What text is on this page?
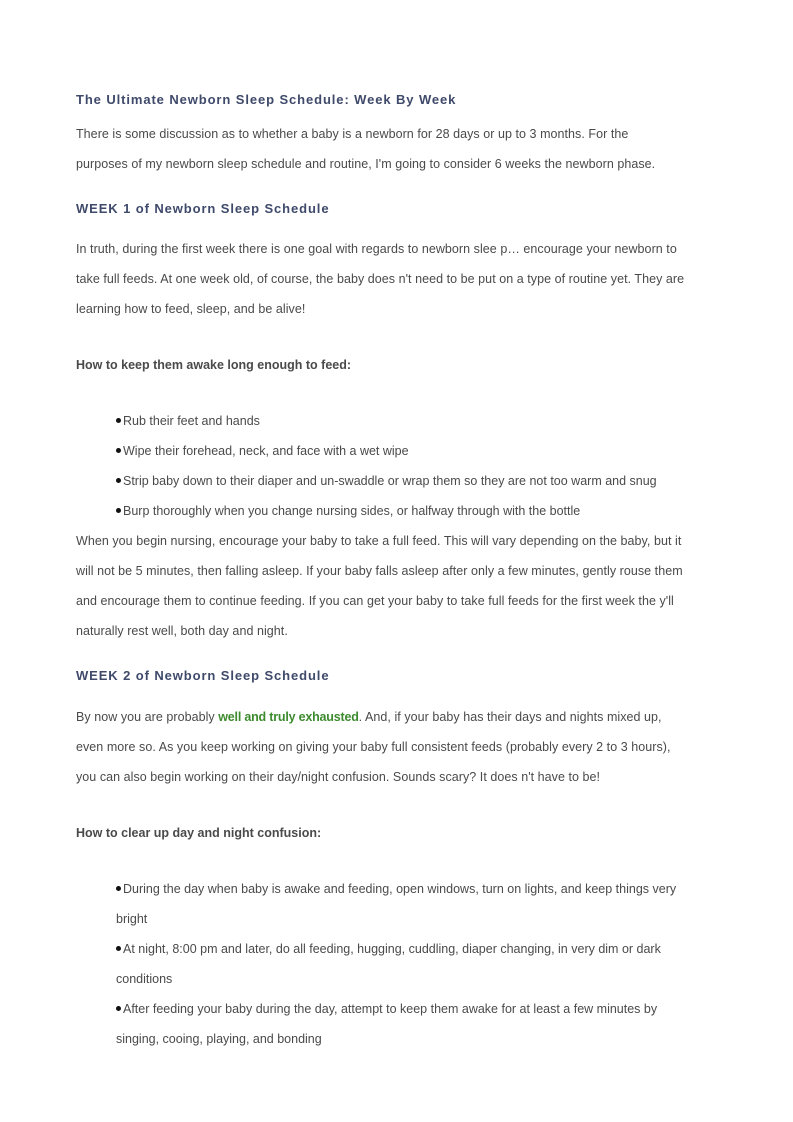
The Ultimate Newborn Sleep Schedule: Week By Week
There is some discussion as to whether a baby is a newborn for 28 days or up to 3 months. For the
purposes of my newborn sleep schedule and routine, I'm going to consider 6 weeks the newborn phase.
WEEK 1 of Newborn Sleep Schedule
In truth, during the first week there is one goal with regards to newborn slee p… encourage your newborn to
take full feeds. At one week old, of course, the baby does n't need to be put on a type of routine yet. They are
learning how to feed, sleep, and be alive!
How to keep them awake long enough to feed:
Rub their feet and hands
Wipe their forehead, neck, and face with a wet wipe
Strip baby down to their diaper and un-swaddle or wrap them so they are not too warm and snug
Burp thoroughly when you change nursing sides, or halfway through with the bottle
When you begin nursing, encourage your baby to take a full feed. This will vary depending on the baby, but it
will not be 5 minutes, then falling asleep. If your baby falls asleep after only a few minutes, gently rouse them
and encourage them to continue feeding. If you can get your baby to take full feeds for the first week the y'll
naturally rest well, both day and night.
WEEK 2 of Newborn Sleep Schedule
By now you are probably well and truly exhausted. And, if your baby has their days and nights mixed up,
even more so. As you keep working on giving your baby full consistent feeds (probably every 2 to 3 hours),
you can also begin working on their day/night confusion. Sounds scary? It does n't have to be!
How to clear up day and night confusion:
During the day when baby is awake and feeding, open windows, turn on lights, and keep things very
bright
At night, 8:00 pm and later, do all feeding, hugging, cuddling, diaper changing, in very dim or dark
conditions
After feeding your baby during the day, attempt to keep them awake for at least a few minutes by
singing, cooing, playing, and bonding
